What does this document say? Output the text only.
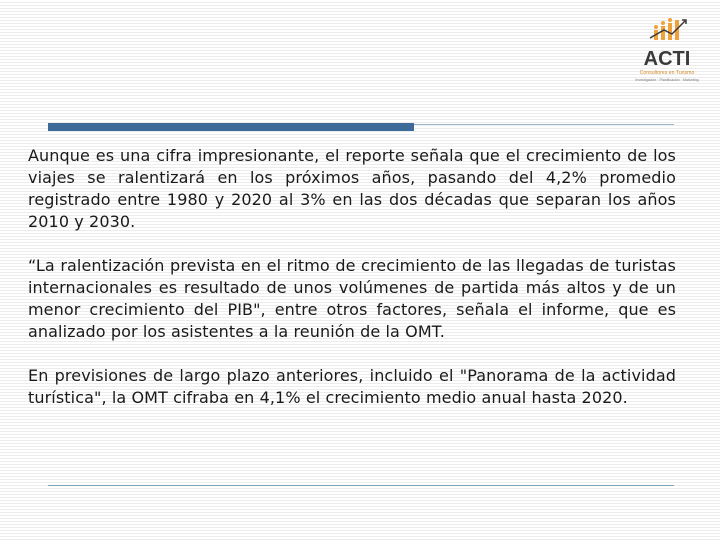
ACTI
Consultores en Turismo
Investigación · Planificación · Marketing

Aunque es una cifra impresionante, el reporte señala que el crecimiento de los viajes se ralentizará en los próximos años, pasando del 4,2% promedio registrado entre 1980 y 2020 al 3% en las dos décadas que separan los años 2010 y 2030.

“La ralentización prevista en el ritmo de crecimiento de las llegadas de turistas internacionales es resultado de unos volúmenes de partida más altos y de un menor crecimiento del PIB", entre otros factores, señala el informe, que es analizado por los asistentes a la reunión de la OMT.

En previsiones de largo plazo anteriores, incluido el "Panorama de la actividad turística", la OMT cifraba en 4,1% el crecimiento medio anual hasta 2020.
